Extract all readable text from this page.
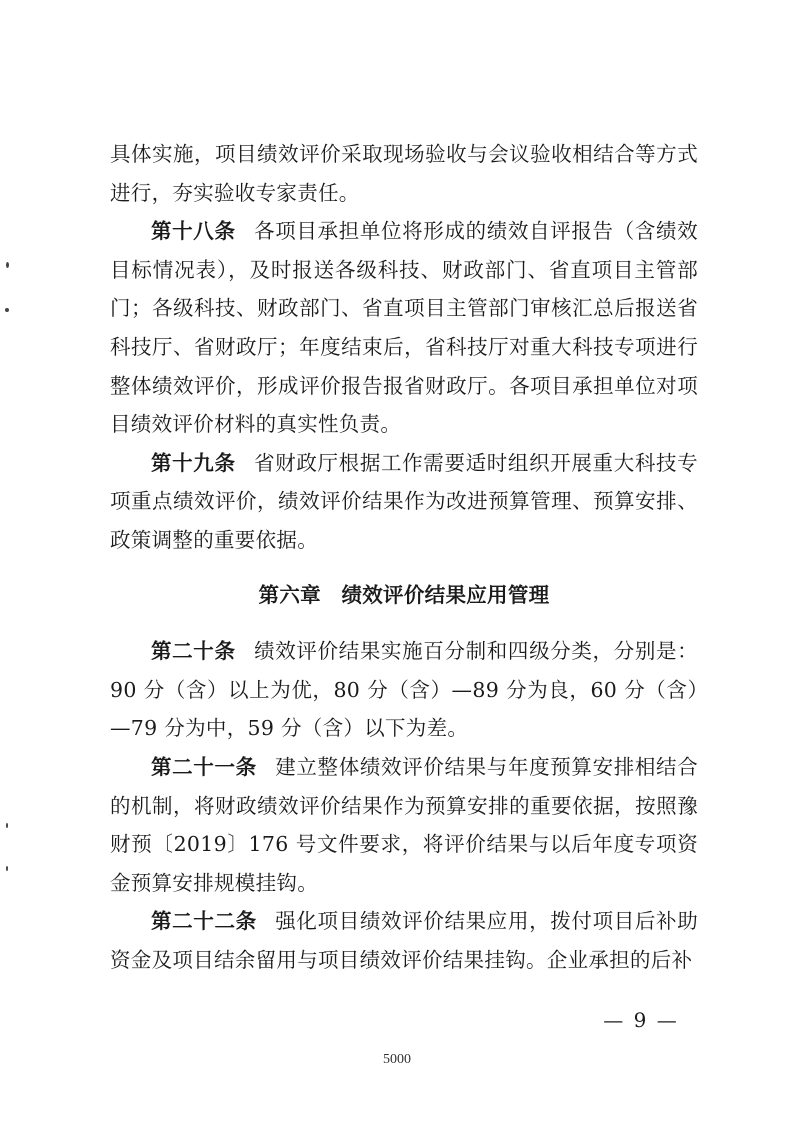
具体实施，项目绩效评价采取现场验收与会议验收相结合等方式进行，夯实验收专家责任。

第十八条 各项目承担单位将形成的绩效自评报告（含绩效目标情况表），及时报送各级科技、财政部门、省直项目主管部门；各级科技、财政部门、省直项目主管部门审核汇总后报送省科技厅、省财政厅；年度结束后，省科技厅对重大科技专项进行整体绩效评价，形成评价报告报省财政厅。各项目承担单位对项目绩效评价材料的真实性负责。

第十九条 省财政厅根据工作需要适时组织开展重大科技专项重点绩效评价，绩效评价结果作为改进预算管理、预算安排、政策调整的重要依据。

第六章 绩效评价结果应用管理

第二十条 绩效评价结果实施百分制和四级分类，分别是：90 分（含）以上为优，80 分（含）—89 分为良，60 分（含）—79 分为中，59 分（含）以下为差。

第二十一条 建立整体绩效评价结果与年度预算安排相结合的机制，将财政绩效评价结果作为预算安排的重要依据，按照豫财预〔2019〕176 号文件要求，将评价结果与以后年度专项资金预算安排规模挂钩。

第二十二条 强化项目绩效评价结果应用，拨付项目后补助资金及项目结余留用与项目绩效评价结果挂钩。企业承担的后补

— 9 —
5000
